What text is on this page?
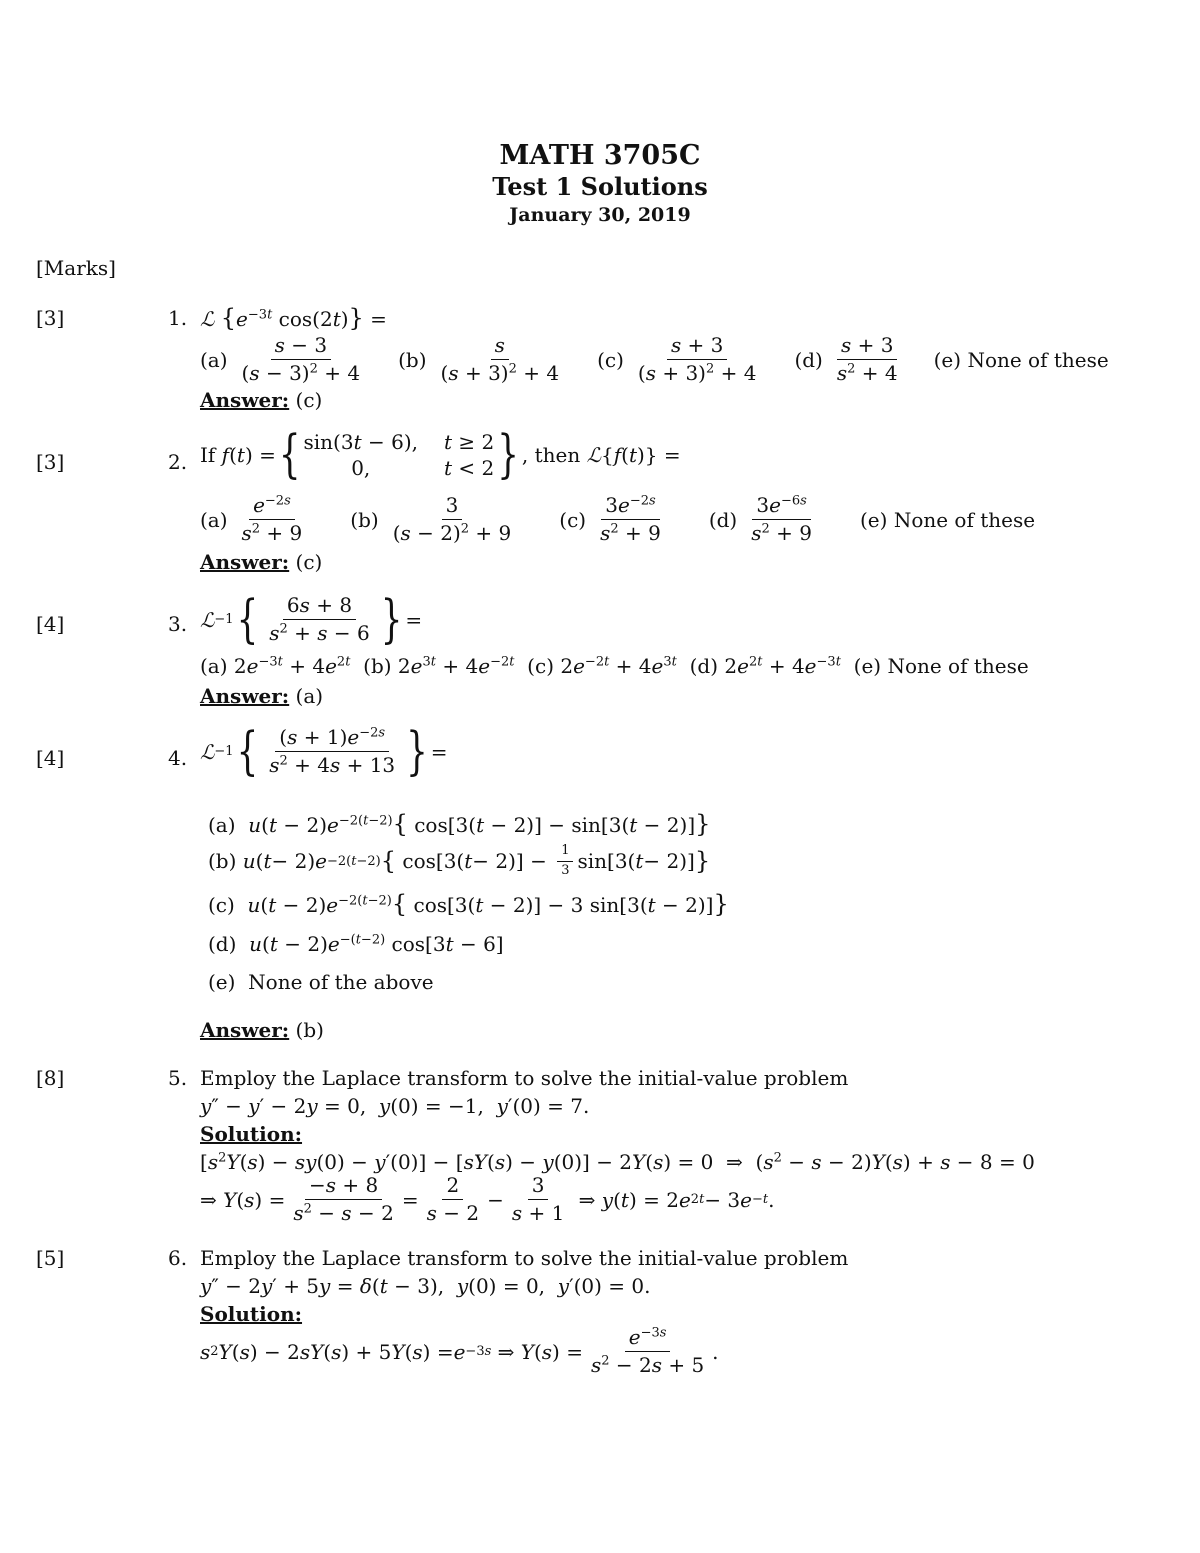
MATH 3705C
Test 1 Solutions
January 30, 2019
[Marks]
[3]	1. ℒ {$e^{-3t}$ cos(2t)} =
$(a) \frac{s - 3}{(s - 3)^2 + 4} (b) \frac{s}{(s + 3)^2 + 4} (c) \frac{s + 3}{(s + 3)^2 + 4} (d) \frac{s + 3}{s^2 + 4} (e)$ None of these
Answer: (c)
[3]	2. If f ( t ) = { sin(3t − 6), t ≥ 2
0,	t < 2 } , then ℒ { f ( t )} =
$(a) \frac{e^{-2s}}{s^2 + 9} (b) \frac{3}{(s - 2)^2 + 9} (c) \frac{3e^{-2s}}{s^2 + 9} (d) \frac{3e^{-6s}}{s^2 + 9} (e)$ None of these
Answer: (c)
[4]	3. ℒ −1 { $\frac{6s + 8}{s^2 + s - 6}$ } =
(a) $2e^{-3t} + 4e^{2t}$  (b) $2e^{3t} + 4e^{-2t}$  (c) $2e^{-2t} + 4e^{3t}$  (d) $2e^{2t} + 4e^{-3t}$  (e) None of these
Answer: (a)
[4]	4. ℒ −1 { $\frac{(s + 1)e^{-2s}}{s^2 + 4s + 13}$ } =
(a)  $u(t - 2)e^{-2(t-2)}${ cos[3(t − 2)] − sin[3(t − 2)]}
(b) u ( t − 2) e −2(t−2) { cos[3( $t - 2)] - \frac{1}{3} \sin[3$( t − 2)] }
(c)  $u(t - 2)e^{-2(t-2)}${ cos[3(t − 2)] − 3 sin[3(t − 2)]}
(d)  $u(t - 2)e^{-(t-2)}$ cos[3t − 6]
(e)  None of the above
Answer: (b)
[8]	5. Employ the Laplace transform to solve the initial-value problem
y″ − y′ − 2y = 0,  y(0) = −1,  y′(0) = 7.
Solution:
$[s^2Y(s) - sy(0) - y'(0)] - [sY(s) - y(0)] - 2Y(s) = 0$  ⇒  $(s^2 - s - 2)Y(s) + s - 8 = 0$
⇒ Y ( s ) = $\frac{-s + 8}{s^2 - s - 2} = \frac{2}{s - 2} - \frac{3}{s + 1}$ ⇒ y ( t ) = 2 e 2t − 3 e −t .
[5]	6. Employ the Laplace transform to solve the initial-value problem
y″ − 2y′ + 5y = δ(t − 3),  y(0) = 0,  y′(0) = 0.
Solution:
s 2 Y ( s ) − 2 sY ( s ) + 5 Y ( s ) = e −3s ⇒ Y ( s ) = $\frac{e^{-3s}}{s^2 - 2s + 5}$ .
